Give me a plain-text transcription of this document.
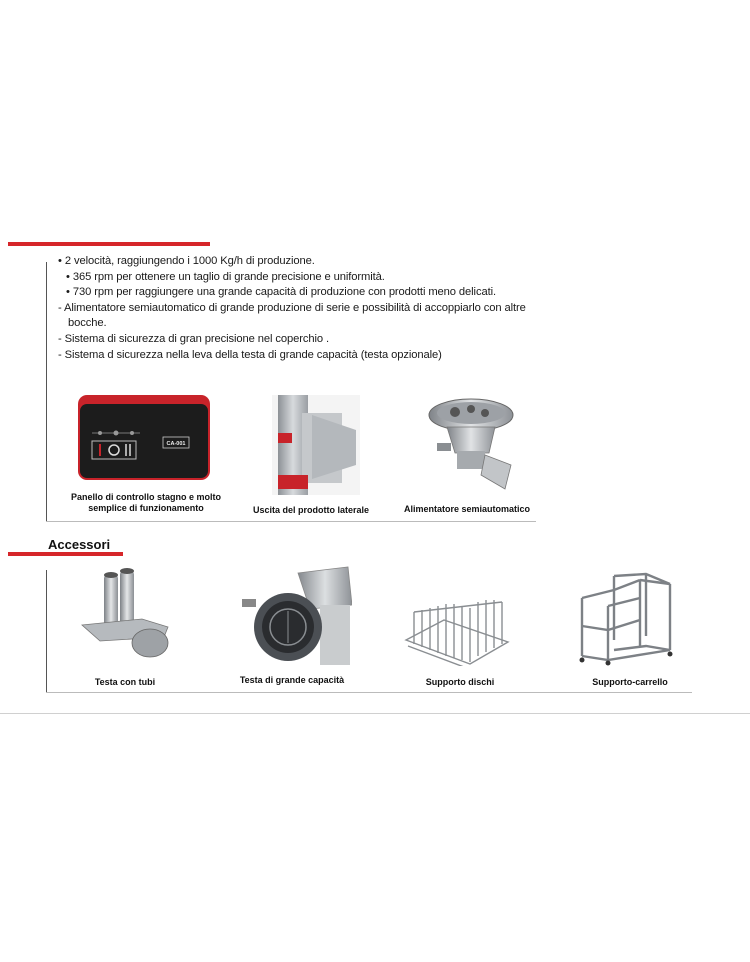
• 2 velocità, raggiungendo i 1000 Kg/h di produzione.
• 365 rpm per ottenere un taglio di grande precisione e uniformità.
• 730 rpm per raggiungere una grande capacità di produzione con prodotti meno delicati.
- Alimentatore semiautomatico di grande produzione di serie e possibilità di accoppiarlo con altre
bocche.
- Sistema di sicurezza di gran precisione nel coperchio .
- Sistema d sicurezza nella leva della testa di grande capacità (testa opzionale)
CA-001
Panello di controllo stagno e molto
semplice di funzionamento	Uscita del prodotto laterale	Alimentatore semiautomatico
Accessori
Testa con tubi	Testa di grande capacità	Supporto dischi	Supporto-carrello
